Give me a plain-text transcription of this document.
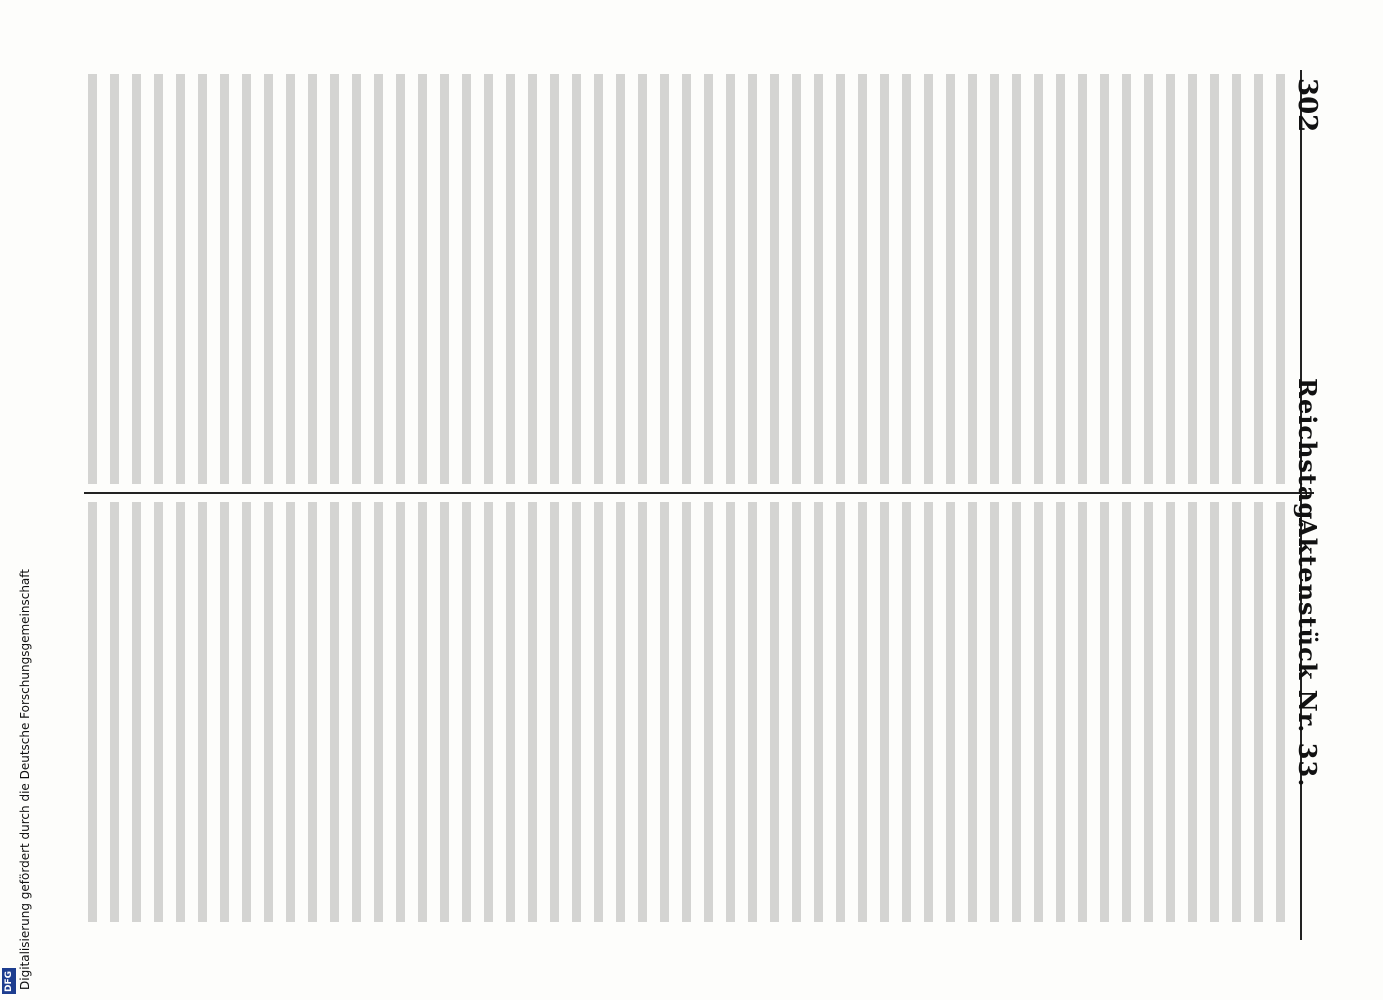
302
Reichstag.
Aktenstück Nr. 33.
Digitalisierung gefördert durch die Deutsche Forschungsgemeinschaft
DFG
